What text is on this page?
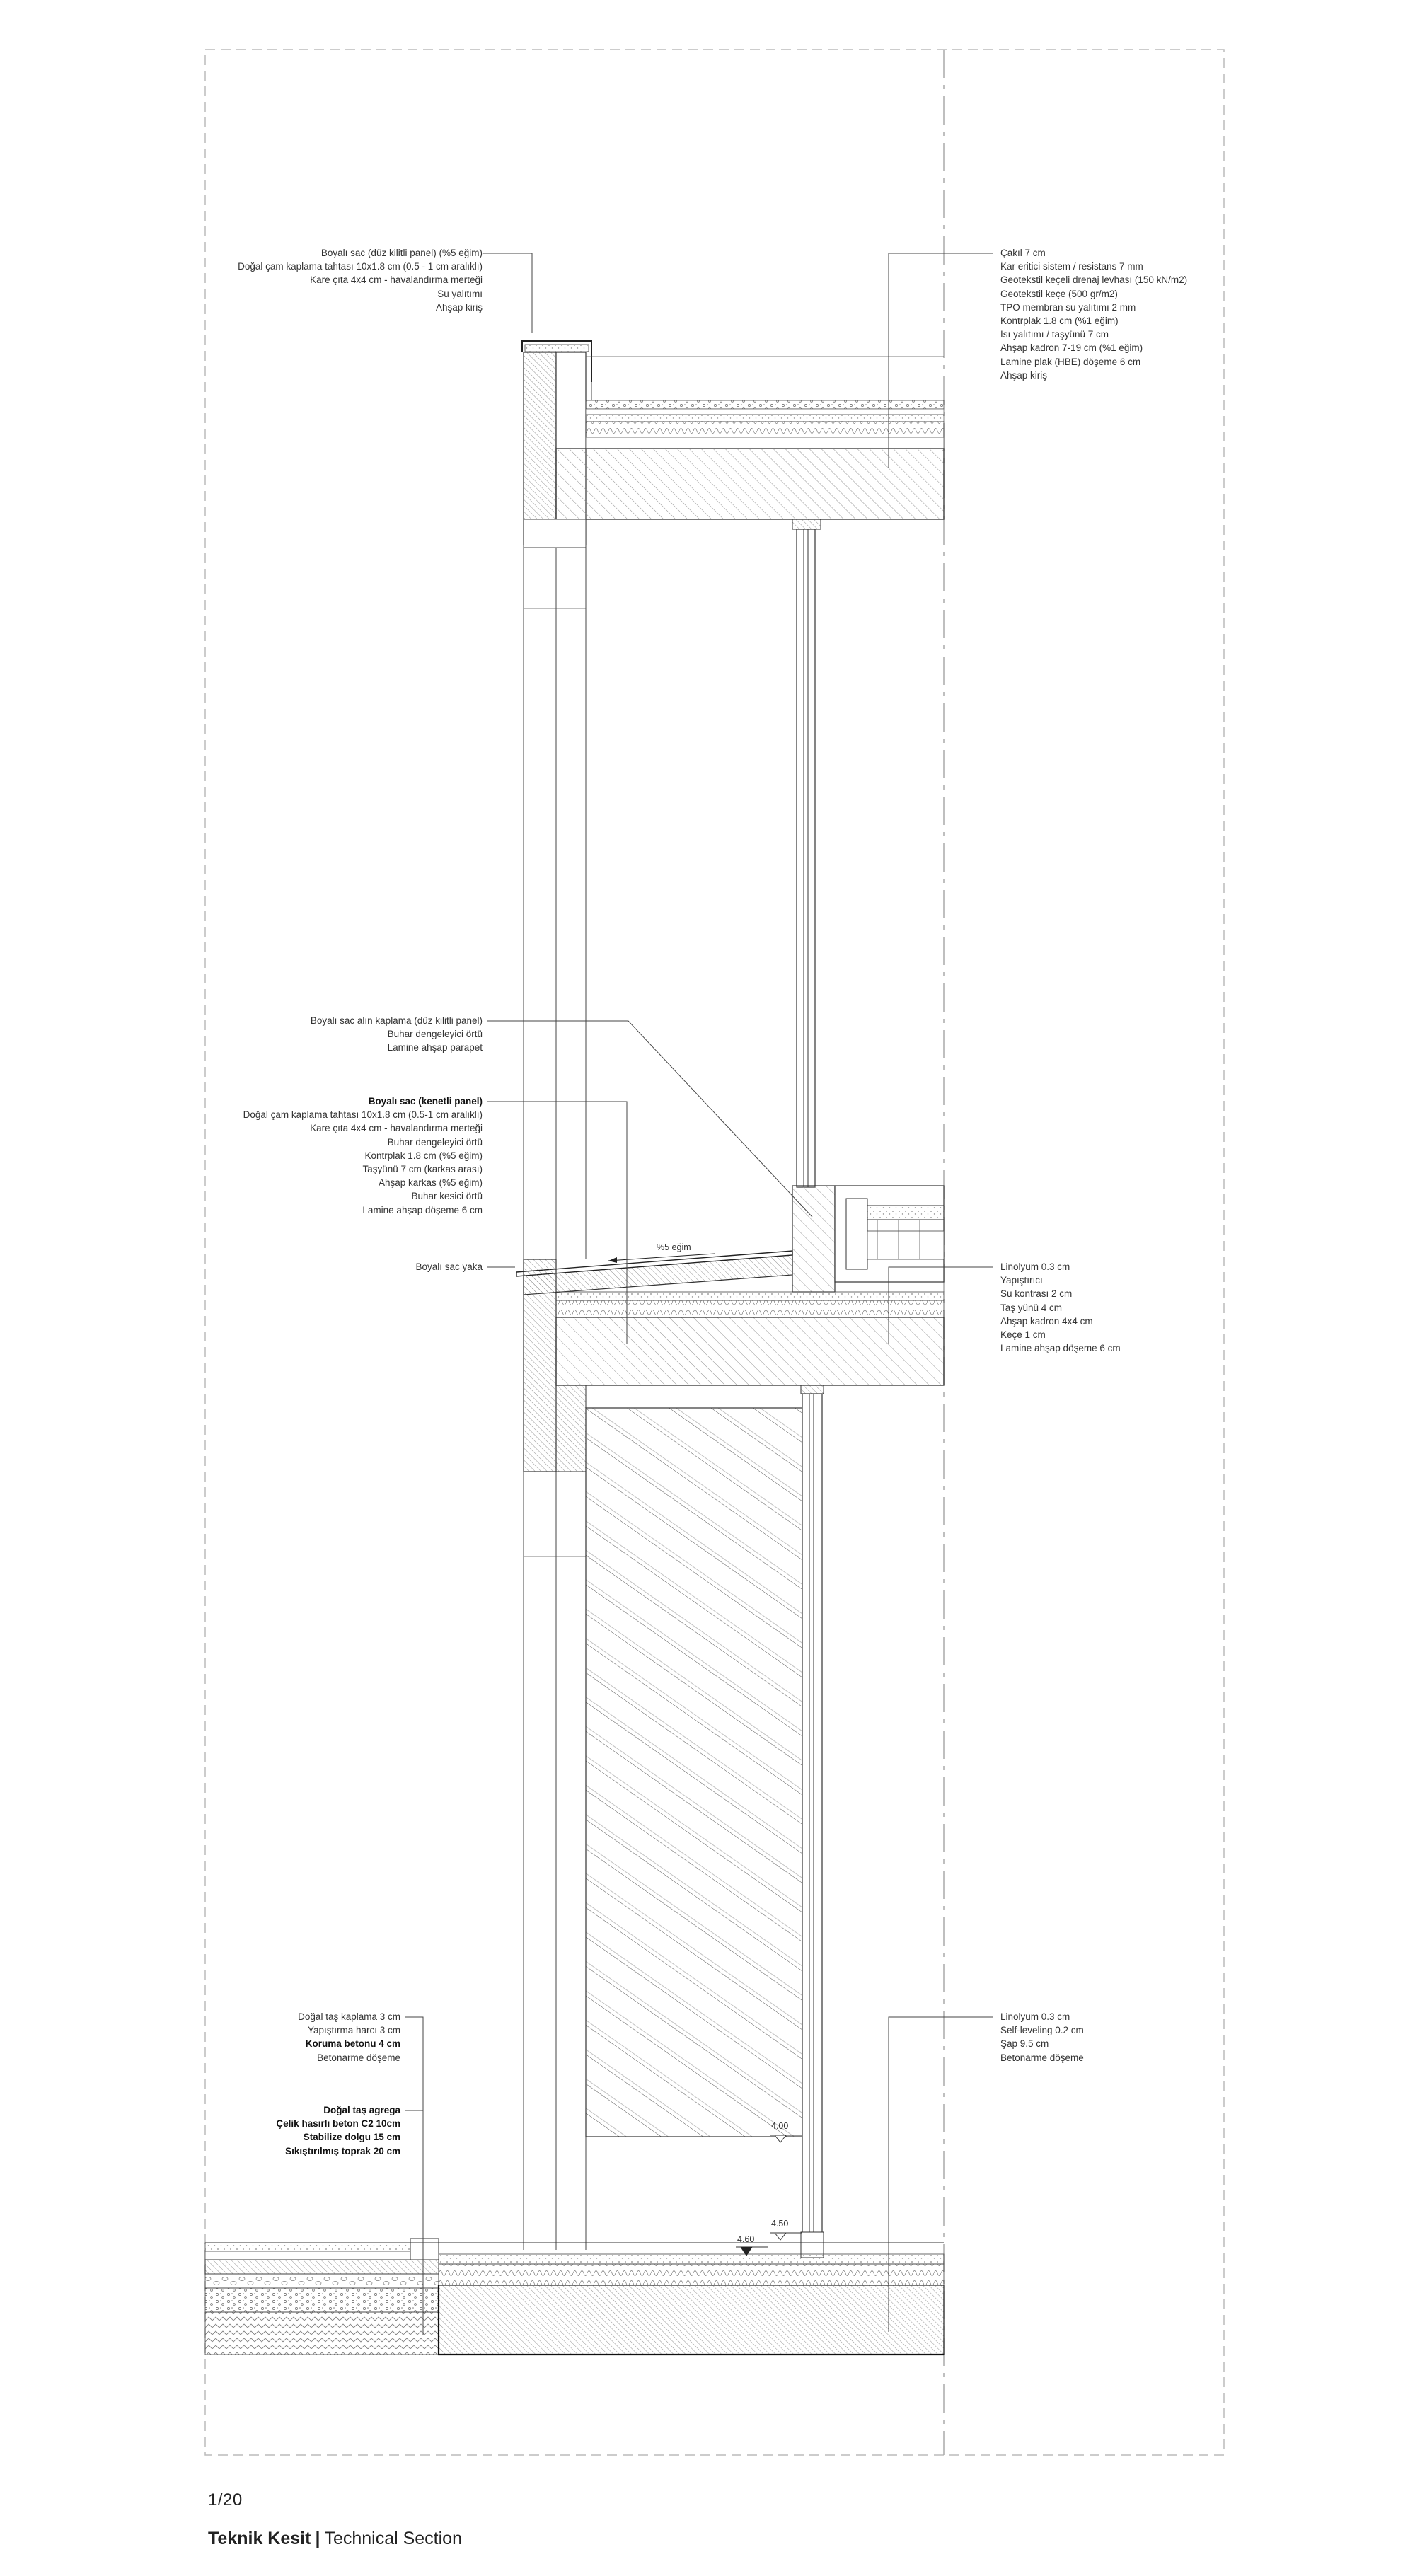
Boyalı sac (düz kilitli panel) (%5 eğim)
Doğal çam kaplama tahtası 10x1.8 cm (0.5 - 1 cm aralıklı)
Kare çıta 4x4 cm - havalandırma merteği
Su yalıtımı
Ahşap kiriş
Çakıl 7 cm
Kar eritici sistem / resistans 7 mm
Geotekstil keçeli drenaj levhası (150 kN/m2)
Geotekstil keçe (500 gr/m2)
TPO membran su yalıtımı 2 mm
Kontrplak 1.8 cm (%1 eğim)
Isı yalıtımı / taşyünü 7 cm
Ahşap kadron 7-19 cm (%1 eğim)
Lamine plak (HBE) döşeme 6 cm
Ahşap kiriş
Boyalı sac alın kaplama (düz kilitli panel)
Buhar dengeleyici örtü
Lamine ahşap parapet
Boyalı sac (kenetli panel)
Doğal çam kaplama tahtası 10x1.8 cm (0.5-1 cm aralıklı)
Kare çıta 4x4 cm - havalandırma merteği
Buhar dengeleyici örtü
Kontrplak 1.8 cm (%5 eğim)
Taşyünü 7 cm (karkas arası)
Ahşap karkas (%5 eğim)
Buhar kesici örtü
Lamine ahşap döşeme 6 cm
Boyalı sac yaka	Linolyum 0.3 cm
Yapıştırıcı
Su kontrası 2 cm
Taş yünü 4 cm
Ahşap kadron 4x4 cm
Keçe 1 cm
Lamine ahşap döşeme 6 cm
Doğal taş kaplama 3 cm
Yapıştırma harcı 3 cm
Koruma betonu 4 cm
Betonarme döşeme
Doğal taş agrega
Çelik hasırlı beton C2 10cm
Stabilize dolgu 15 cm
Sıkıştırılmış toprak 20 cm
Linolyum 0.3 cm
Self-leveling 0.2 cm
Şap 9.5 cm
Betonarme döşeme
%5 eğim
4.00
4.50
4.60
1/20
Teknik Kesit | Technical Section
